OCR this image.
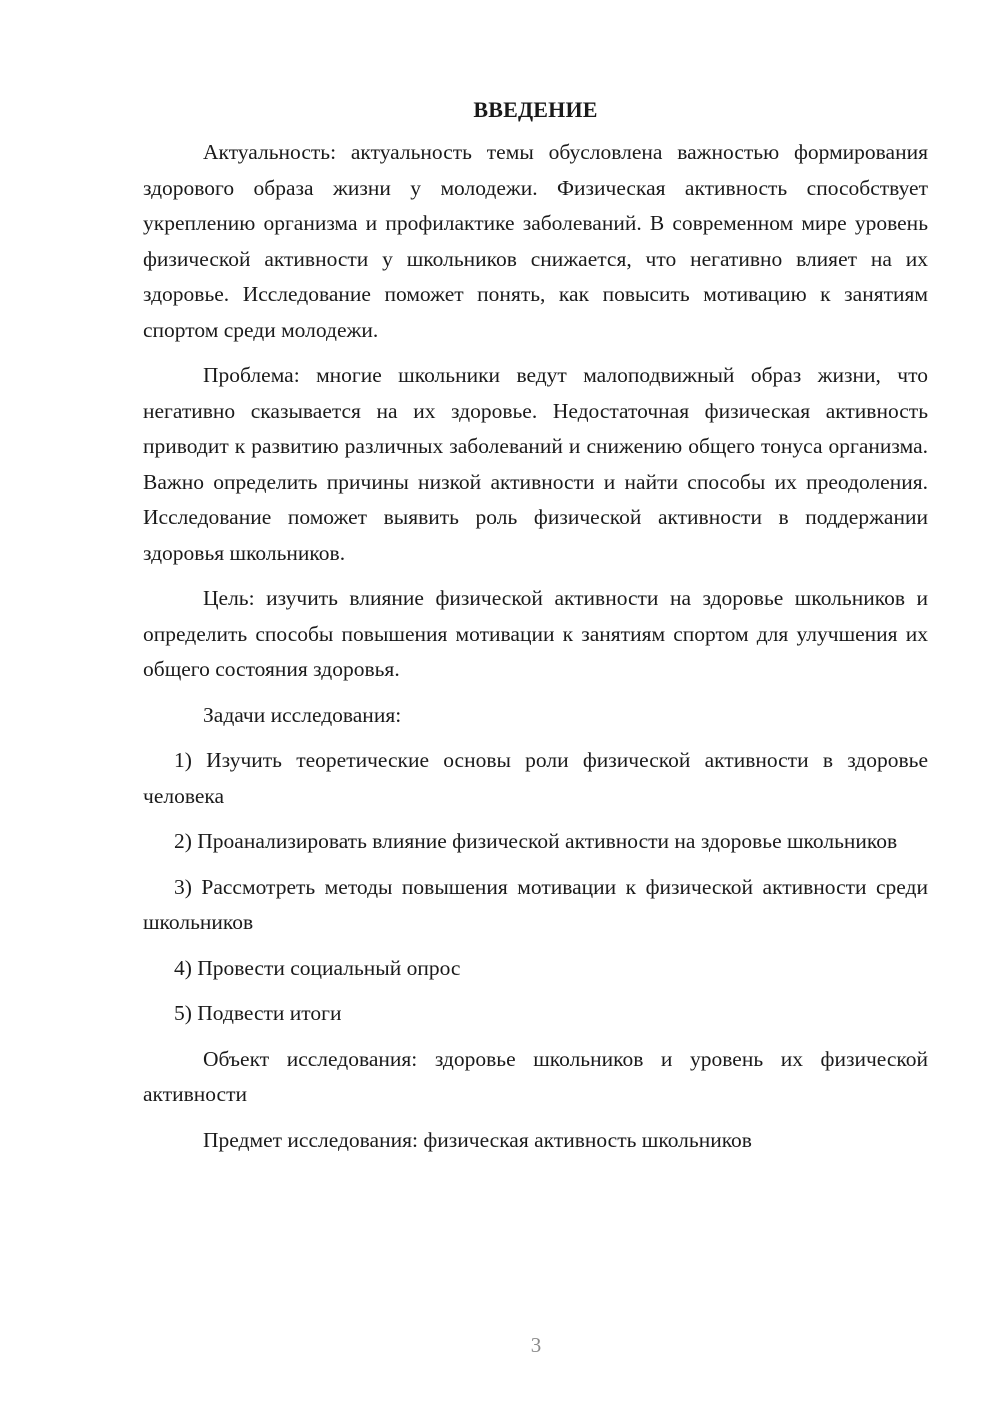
ВВЕДЕНИЕ

Актуальность: актуальность темы обусловлена важностью формирования здорового образа жизни у молодежи. Физическая активность способствует укреплению организма и профилактике заболеваний. В современном мире уровень физической активности у школьников снижается, что негативно влияет на их здоровье. Исследование поможет понять, как повысить мотивацию к занятиям спортом среди молодежи.

Проблема: многие школьники ведут малоподвижный образ жизни, что негативно сказывается на их здоровье. Недостаточная физическая активность приводит к развитию различных заболеваний и снижению общего тонуса организма. Важно определить причины низкой активности и найти способы их преодоления. Исследование поможет выявить роль физической активности в поддержании здоровья школьников.

Цель: изучить влияние физической активности на здоровье школьников и определить способы повышения мотивации к занятиям спортом для улучшения их общего состояния здоровья.

Задачи исследования:

1) Изучить теоретические основы роли физической активности в здоровье человека

2) Проанализировать влияние физической активности на здоровье школьников

3) Рассмотреть методы повышения мотивации к физической активности среди школьников

4) Провести социальный опрос

5) Подвести итоги

Объект исследования: здоровье школьников и уровень их физической активности

Предмет исследования: физическая активность школьников

3
